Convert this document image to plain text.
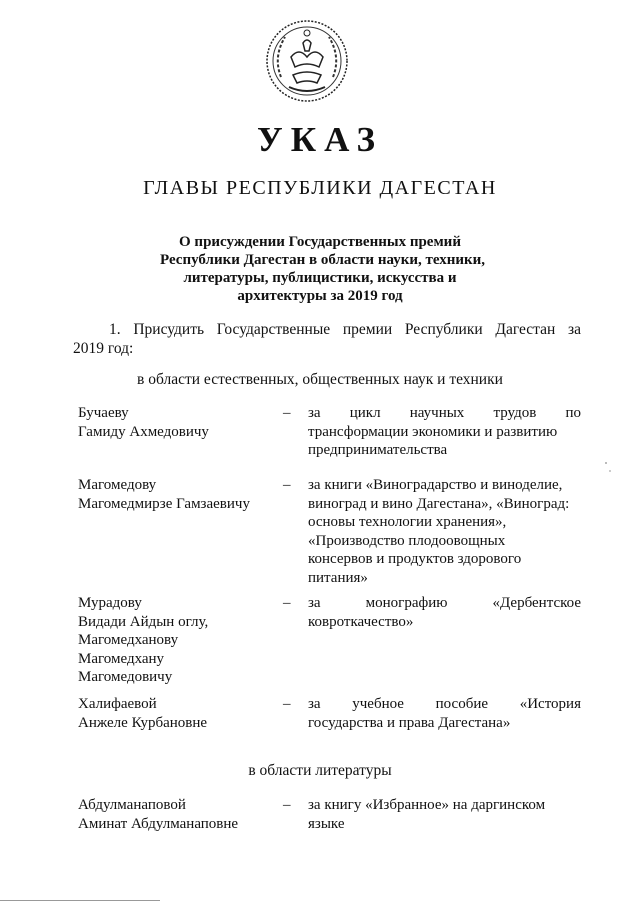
УКАЗ
ГЛАВЫ РЕСПУБЛИКИ ДАГЕСТАН
О присуждении Государственных премий
Республики Дагестан в области науки, техники,
литературы, публицистики, искусства и
архитектуры за 2019 год
1. Присудить Государственные премии Республики Дагестан за
2019 год:
в области естественных, общественных наук и техники
Бучаеву
Гамиду Ахмедовичу
– за цикл научных трудов по
трансформации экономики и развитию
предпринимательства
Магомедову
Магомедмирзе Гамзаевичу
– за книги «Виноградарство и виноделие,
виноград и вино Дагестана», «Виноград:
основы технологии хранения»,
«Производство плодоовощных
консервов и продуктов здорового
питания»
Мурадову
Видади Айдын оглу,
Магомедханову
Магомедхану
Магомедовичу
– за	монографию	«Дербентское
ковроткачество»
Халифаевой
Анжеле Курбановне
– за учебное пособие «История
государства и права Дагестана»
в области литературы
Абдулманаповой
Аминат Абдулманаповне
– за книгу «Избранное» на даргинском
языке
